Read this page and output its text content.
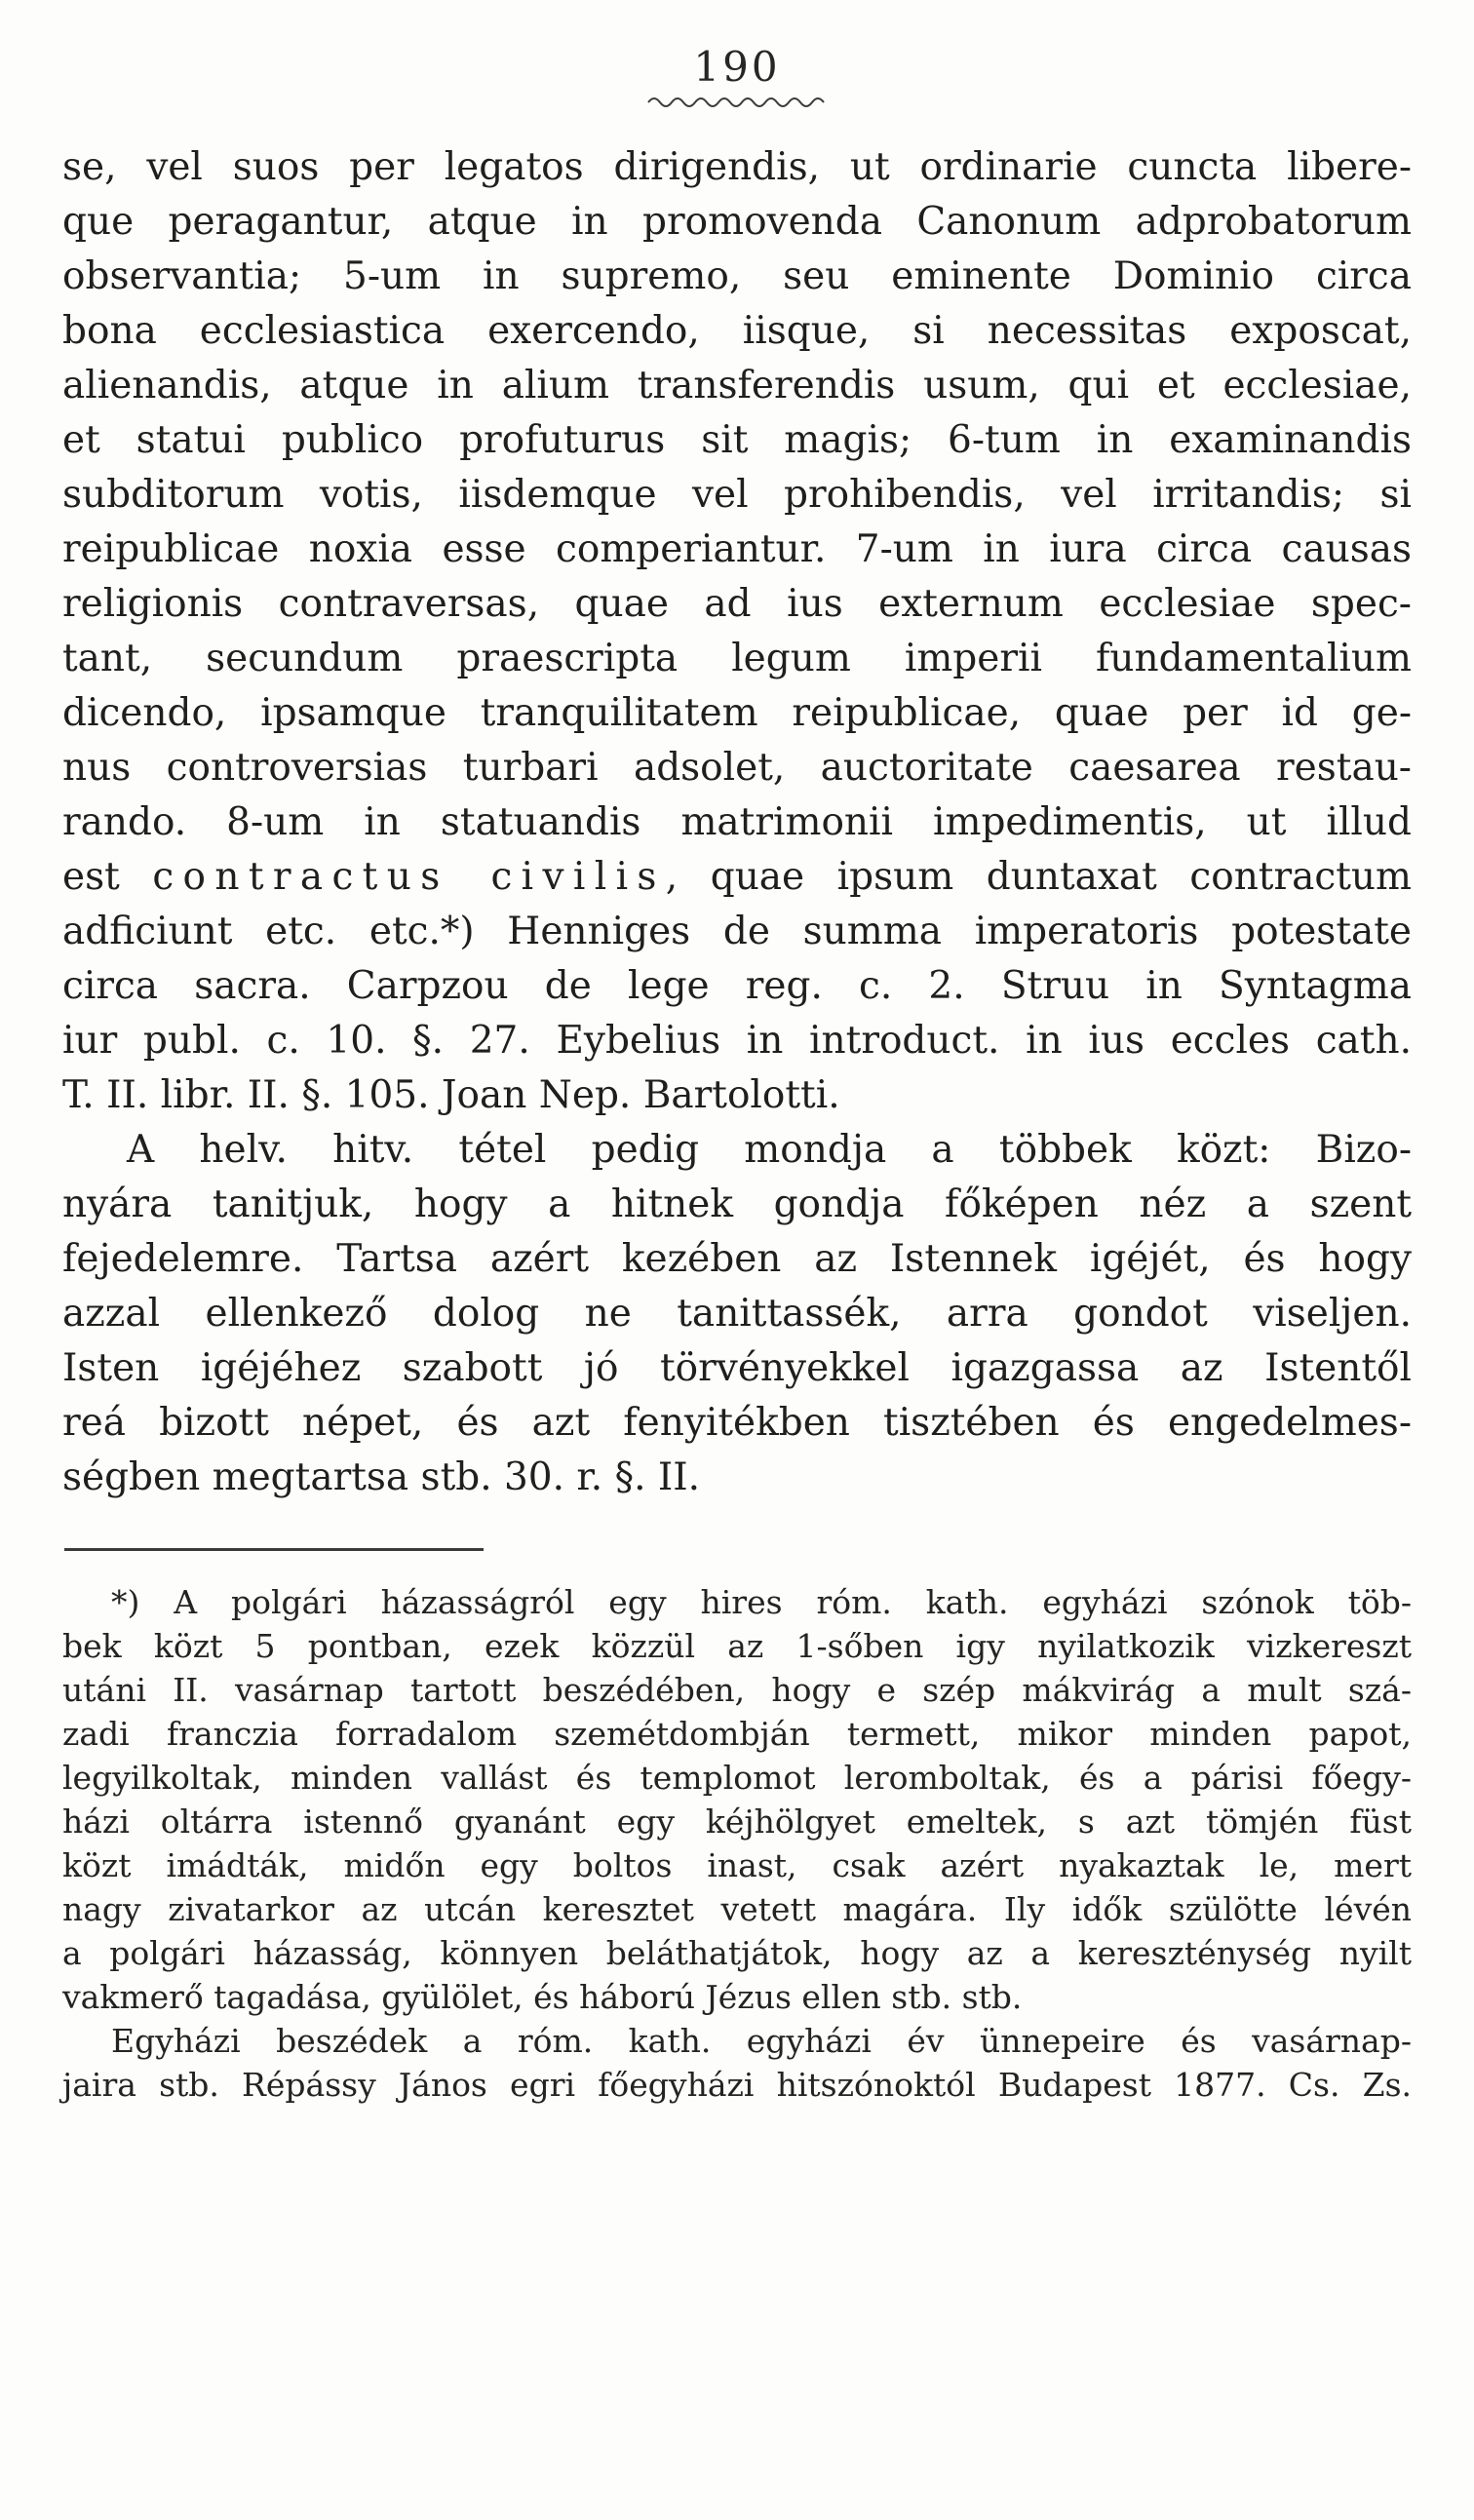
190
se, vel suos per legatos dirigendis, ut ordinarie cuncta libere-
que peragantur, atque in promovenda Canonum adprobatorum
observantia; 5-um in supremo, seu eminente Dominio circa
bona ecclesiastica exercendo, iisque, si necessitas exposcat,
alienandis, atque in alium transferendis usum, qui et ecclesiae,
et statui publico profuturus sit magis; 6-tum in examinandis
subditorum votis, iisdemque vel prohibendis, vel irritandis; si
reipublicae noxia esse comperiantur. 7-um in iura circa causas
religionis contraversas, quae ad ius externum ecclesiae spec-
tant, secundum praescripta legum imperii fundamentalium
dicendo, ipsamque tranquilitatem reipublicae, quae per id ge-
nus controversias turbari adsolet, auctoritate caesarea restau-
rando. 8-um in statuandis matrimonii impedimentis, ut illud
est contractus civilis, quae ipsum duntaxat contractum
adficiunt etc. etc.*) Henniges de summa imperatoris potestate
circa sacra. Carpzou de lege reg. c. 2. Struu in Syntagma
iur publ. c. 10. §. 27. Eybelius in introduct. in ius eccles cath.
T. II. libr. II. §. 105. Joan Nep. Bartolotti.
A helv. hitv. tétel pedig mondja a többek közt: Bizo-
nyára tanitjuk, hogy a hitnek gondja főképen néz a szent
fejedelemre. Tartsa azért kezében az Istennek igéjét, és hogy
azzal ellenkező dolog ne tanittassék, arra gondot viseljen.
Isten igéjéhez szabott jó törvényekkel igazgassa az Istentől
reá bizott népet, és azt fenyitékben tisztében és engedelmes-
ségben megtartsa stb. 30. r. §. II.
*) A polgári házasságról egy hires róm. kath. egyházi szónok töb-
bek közt 5 pontban, ezek közzül az 1-sőben igy nyilatkozik vizkereszt
utáni II. vasárnap tartott beszédében, hogy e szép mákvirág a mult szá-
zadi franczia forradalom szemétdombján termett, mikor minden papot,
legyilkoltak, minden vallást és templomot leromboltak, és a párisi főegy-
házi oltárra istennő gyanánt egy kéjhölgyet emeltek, s azt tömjén füst
közt imádták, midőn egy boltos inast, csak azért nyakaztak le, mert
nagy zivatarkor az utcán keresztet vetett magára. Ily idők szülötte lévén
a polgári házasság, könnyen beláthatjátok, hogy az a kereszténység nyilt
vakmerő tagadása, gyülölet, és háború Jézus ellen stb. stb.
Egyházi beszédek a róm. kath. egyházi év ünnepeire és vasárnap-
jaira stb. Répássy János egri főegyházi hitszónoktól Budapest 1877. Cs. Zs.
